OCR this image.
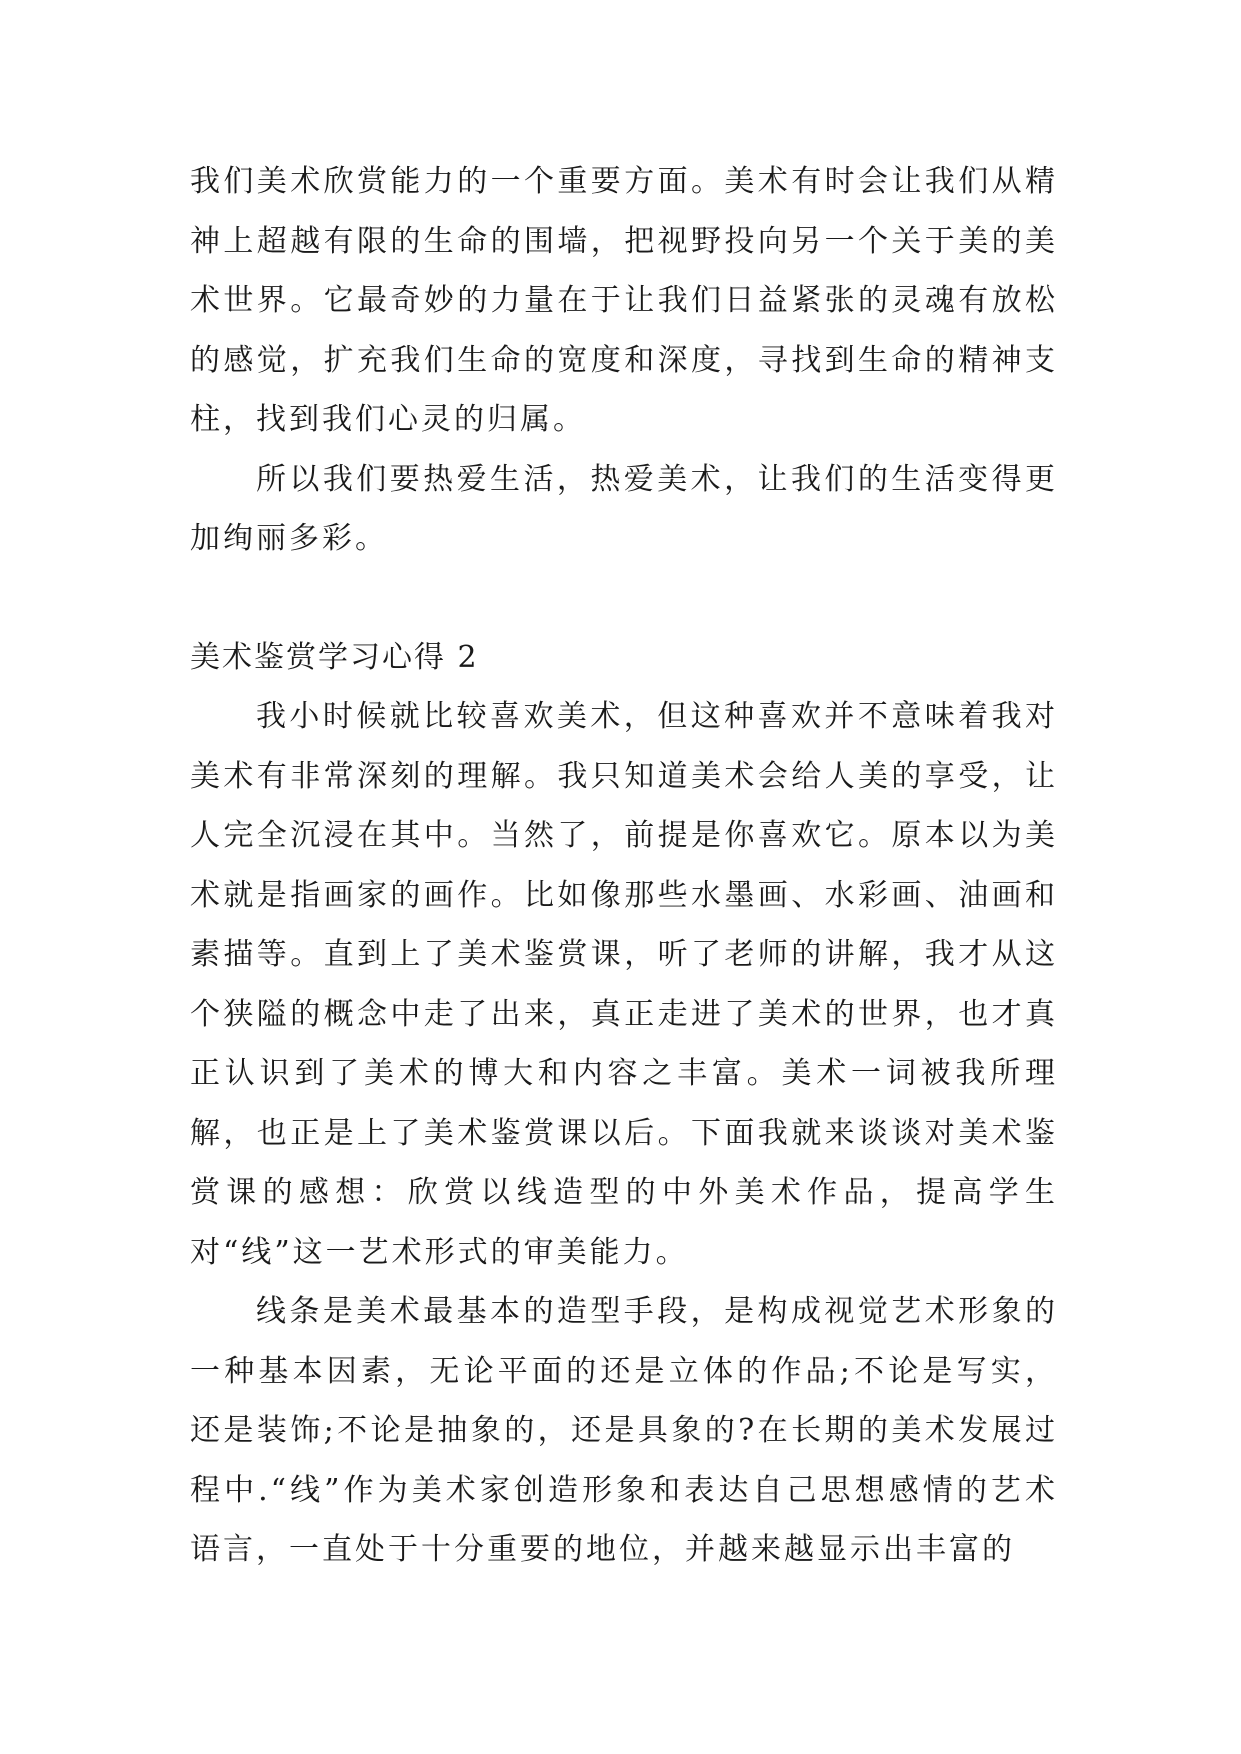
我们美术欣赏能力的一个重要方面。美术有时会让我们从精神上超越有限的生命的围墙，把视野投向另一个关于美的美术世界。它最奇妙的力量在于让我们日益紧张的灵魂有放松的感觉，扩充我们生命的宽度和深度，寻找到生命的精神支柱，找到我们心灵的归属。

所以我们要热爱生活，热爱美术，让我们的生活变得更加绚丽多彩。

美术鉴赏学习心得 2

我小时候就比较喜欢美术，但这种喜欢并不意味着我对美术有非常深刻的理解。我只知道美术会给人美的享受，让人完全沉浸在其中。当然了，前提是你喜欢它。原本以为美术就是指画家的画作。比如像那些水墨画、水彩画、油画和素描等。直到上了美术鉴赏课，听了老师的讲解，我才从这个狭隘的概念中走了出来，真正走进了美术的世界，也才真正认识到了美术的博大和内容之丰富。美术一词被我所理解，也正是上了美术鉴赏课以后。下面我就来谈谈对美术鉴赏课的感想：欣赏以线造型的中外美术作品，提高学生对“线”这一艺术形式的审美能力。

线条是美术最基本的造型手段，是构成视觉艺术形象的一种基本因素，无论平面的还是立体的作品;不论是写实，还是装饰;不论是抽象的，还是具象的?在长期的美术发展过程中.“线”作为美术家创造形象和表达自己思想感情的艺术语言，一直处于十分重要的地位，并越来越显示出丰富的
